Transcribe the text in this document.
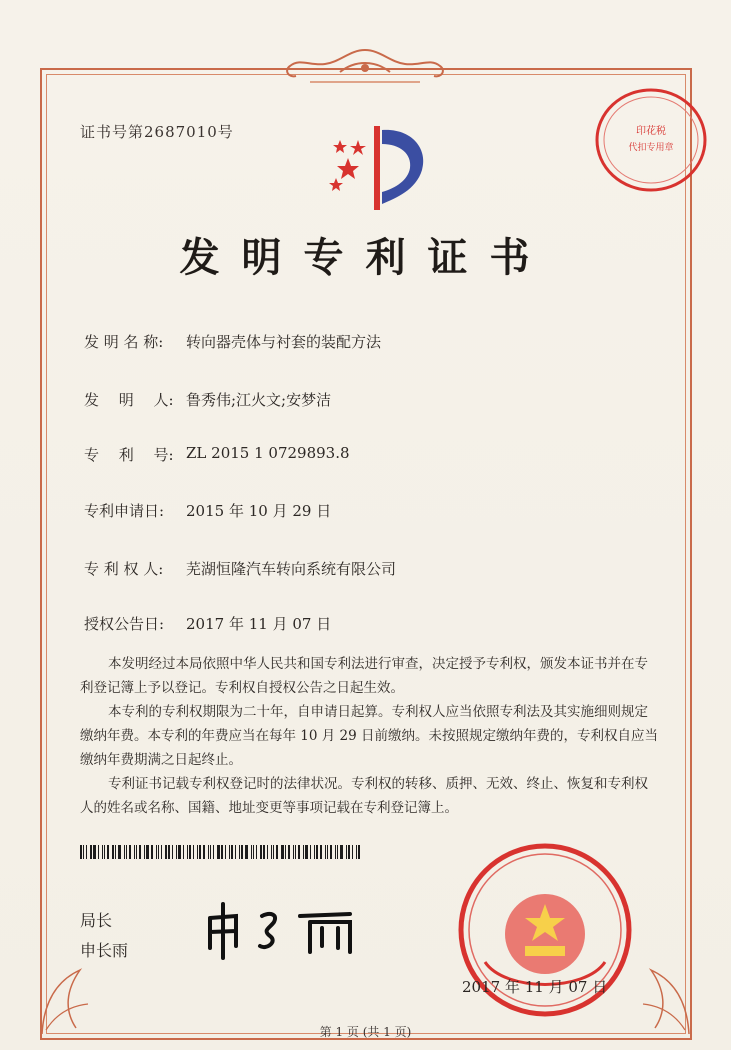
印花税
代扣专用章
证书号第2687010号
发明专利证书
发 明 名 称: 转向器壳体与衬套的装配方法
发　 明　 人: 鲁秀伟;江火文;安梦洁
专　 利　 号: ZL 2015 1 0729893.8
专利申请日: 2015 年 10 月 29 日
专 利 权 人: 芜湖恒隆汽车转向系统有限公司
授权公告日: 2017 年 11 月 07 日
本发明经过本局依照中华人民共和国专利法进行审查，决定授予专利权，颁发本证书并在专利登记簿上予以登记。专利权自授权公告之日起生效。
本专利的专利权期限为二十年，自申请日起算。专利权人应当依照专利法及其实施细则规定缴纳年费。本专利的年费应当在每年 10 月 29 日前缴纳。未按照规定缴纳年费的，专利权自应当缴纳年费期满之日起终止。
专利证书记载专利权登记时的法律状况。专利权的转移、质押、无效、终止、恢复和专利权人的姓名或名称、国籍、地址变更等事项记载在专利登记簿上。
局长
申长雨
2017 年 11 月 07 日
第 1 页 (共 1 页)
